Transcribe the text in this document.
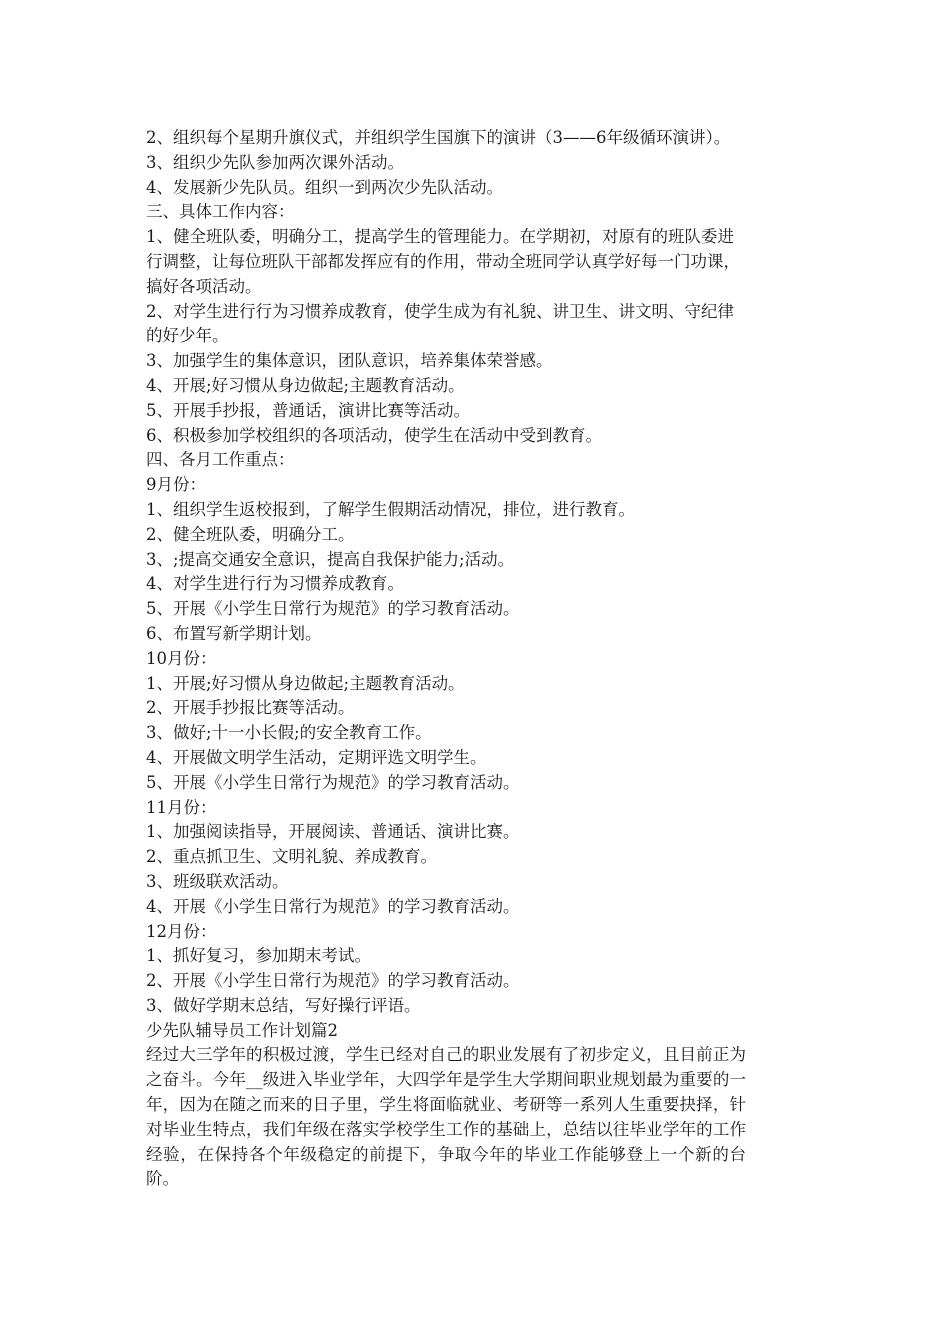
2、组织每个星期升旗仪式，并组织学生国旗下的演讲（3——6年级循环演讲）。

3、组织少先队参加两次课外活动。

4、发展新少先队员。组织一到两次少先队活动。

三、具体工作内容：

1、健全班队委，明确分工，提高学生的管理能力。在学期初，对原有的班队委进行调整，让每位班队干部都发挥应有的作用，带动全班同学认真学好每一门功课，搞好各项活动。

2、对学生进行行为习惯养成教育，使学生成为有礼貌、讲卫生、讲文明、守纪律的好少年。

3、加强学生的集体意识，团队意识，培养集体荣誉感。

4、开展;好习惯从身边做起;主题教育活动。

5、开展手抄报，普通话，演讲比赛等活动。

6、积极参加学校组织的各项活动，使学生在活动中受到教育。

四、各月工作重点：

9月份：

1、组织学生返校报到，了解学生假期活动情况，排位，进行教育。

2、健全班队委，明确分工。

3、;提高交通安全意识，提高自我保护能力;活动。

4、对学生进行行为习惯养成教育。

5、开展《小学生日常行为规范》的学习教育活动。

6、布置写新学期计划。

10月份：

1、开展;好习惯从身边做起;主题教育活动。

2、开展手抄报比赛等活动。

3、做好;十一小长假;的安全教育工作。

4、开展做文明学生活动，定期评选文明学生。

5、开展《小学生日常行为规范》的学习教育活动。

11月份：

1、加强阅读指导，开展阅读、普通话、演讲比赛。

2、重点抓卫生、文明礼貌、养成教育。

3、班级联欢活动。

4、开展《小学生日常行为规范》的学习教育活动。

12月份：

1、抓好复习，参加期末考试。

2、开展《小学生日常行为规范》的学习教育活动。

3、做好学期末总结，写好操行评语。

少先队辅导员工作计划篇2

经过大三学年的积极过渡，学生已经对自己的职业发展有了初步定义，且目前正为之奋斗。今年__级进入毕业学年，大四学年是学生大学期间职业规划最为重要的一年，因为在随之而来的日子里，学生将面临就业、考研等一系列人生重要抉择，针对毕业生特点，我们年级在落实学校学生工作的基础上，总结以往毕业学年的工作经验，在保持各个年级稳定的前提下，争取今年的毕业工作能够登上一个新的台阶。
